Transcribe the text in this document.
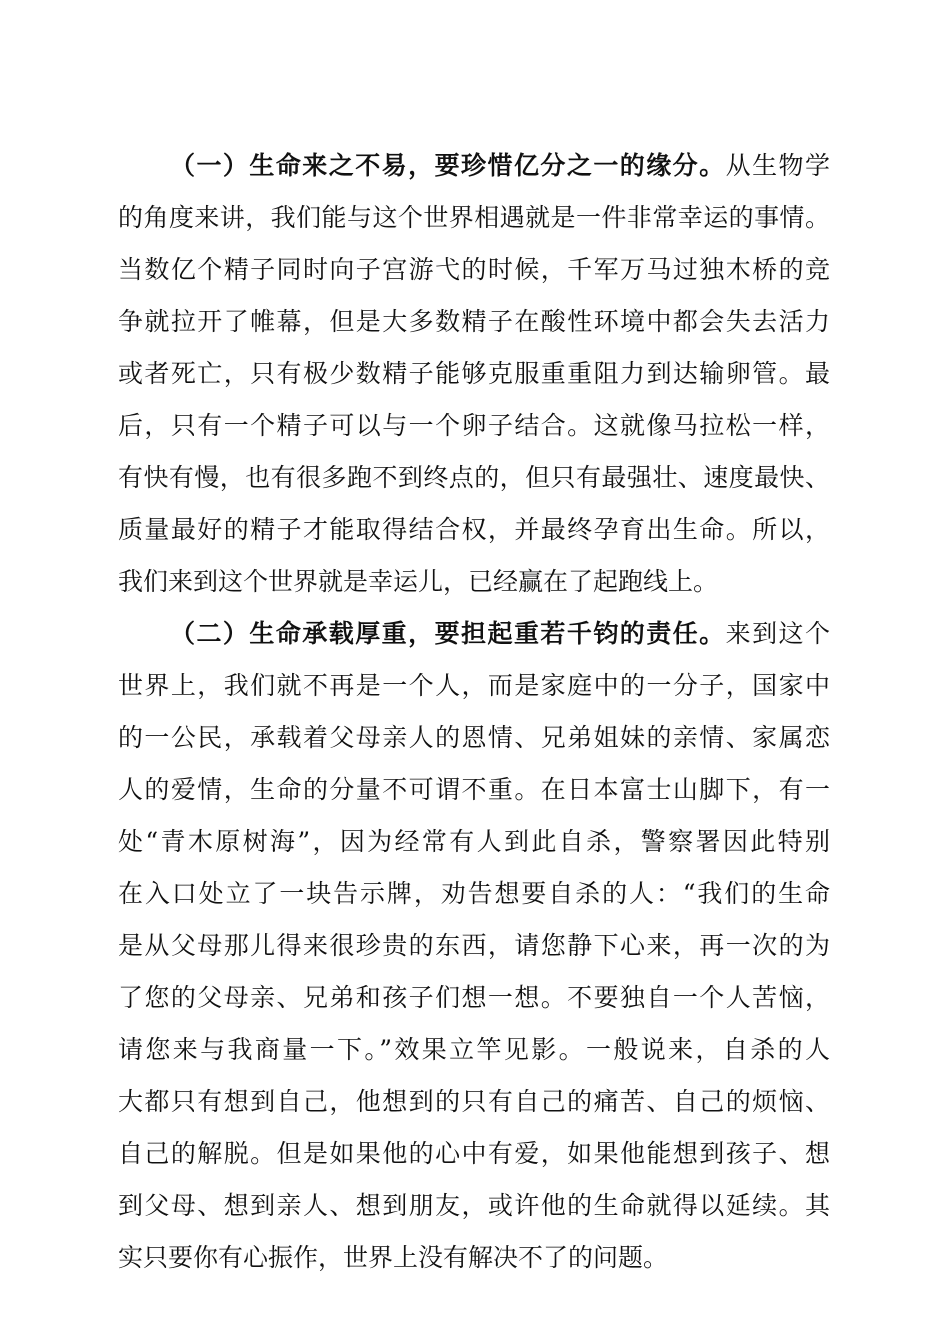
（一）生命来之不易，要珍惜亿分之一的缘分。从生物学
的角度来讲，我们能与这个世界相遇就是一件非常幸运的事情。
当数亿个精子同时向子宫游弋的时候，千军万马过独木桥的竞
争就拉开了帷幕，但是大多数精子在酸性环境中都会失去活力
或者死亡，只有极少数精子能够克服重重阻力到达输卵管。最
后，只有一个精子可以与一个卵子结合。这就像马拉松一样，
有快有慢，也有很多跑不到终点的，但只有最强壮、速度最快、
质量最好的精子才能取得结合权，并最终孕育出生命。所以，
我们来到这个世界就是幸运儿，已经赢在了起跑线上。
（二）生命承载厚重，要担起重若千钧的责任。来到这个
世界上，我们就不再是一个人，而是家庭中的一分子，国家中
的一公民，承载着父母亲人的恩情、兄弟姐妹的亲情、家属恋
人的爱情，生命的分量不可谓不重。在日本富士山脚下，有一
处“青木原树海”，因为经常有人到此自杀，警察署因此特别
在入口处立了一块告示牌，劝告想要自杀的人：“我们的生命
是从父母那儿得来很珍贵的东西，请您静下心来，再一次的为
了您的父母亲、兄弟和孩子们想一想。不要独自一个人苦恼，
请您来与我商量一下。”效果立竿见影。一般说来，自杀的人
大都只有想到自己，他想到的只有自己的痛苦、自己的烦恼、
自己的解脱。但是如果他的心中有爱，如果他能想到孩子、想
到父母、想到亲人、想到朋友，或许他的生命就得以延续。其
实只要你有心振作，世界上没有解决不了的问题。
